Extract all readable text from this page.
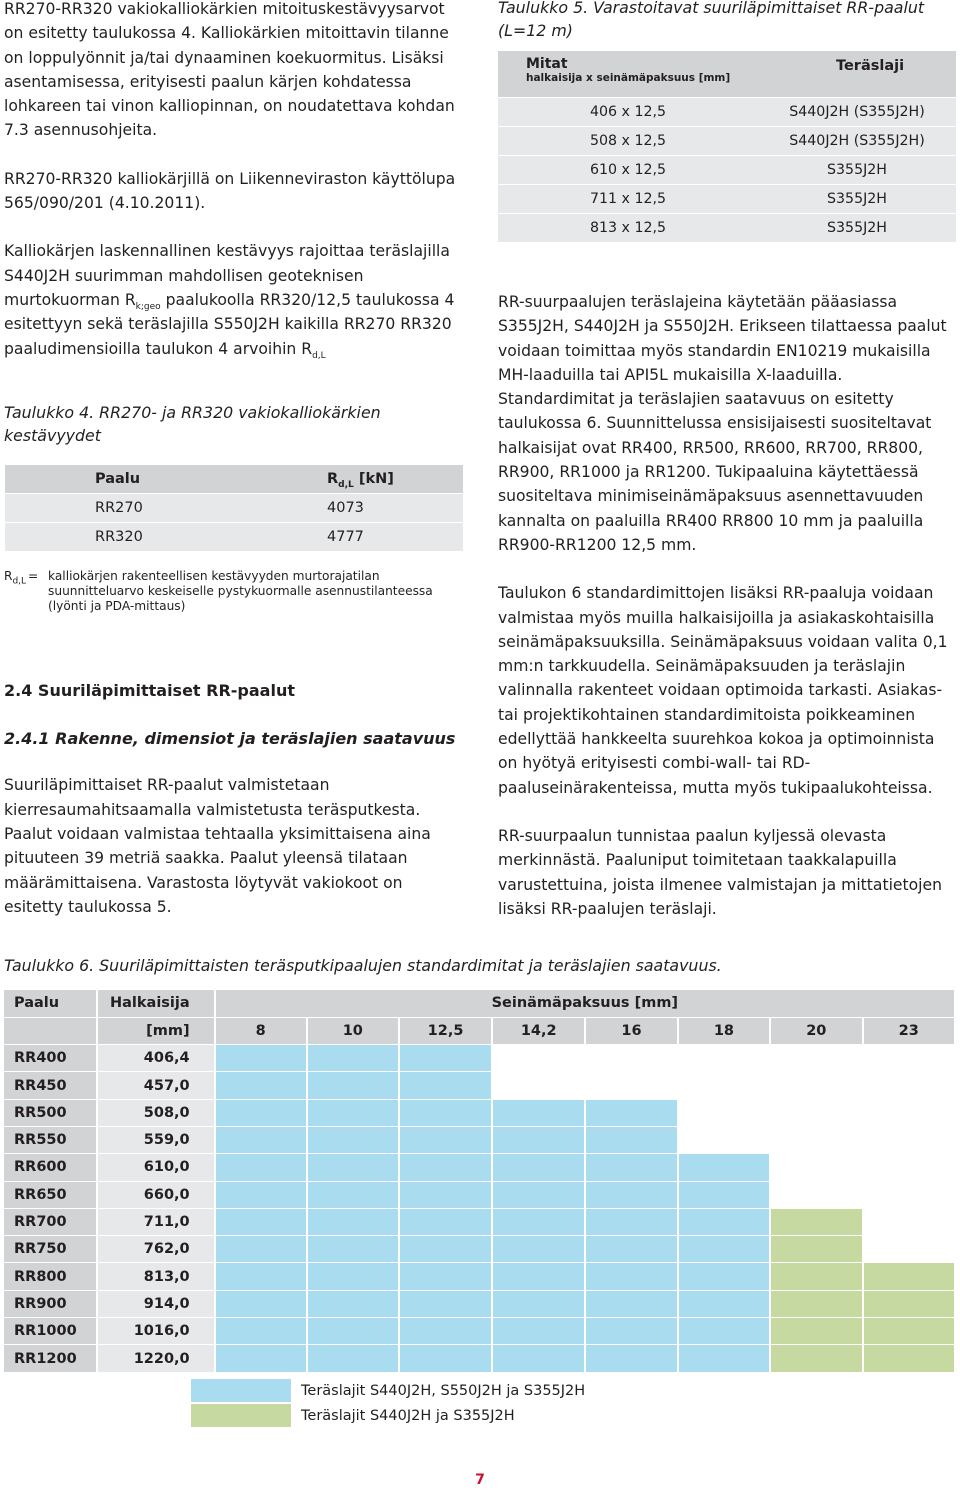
RR270-RR320 vakiokalliokärkien mitoituskestävyysarvot on esitetty taulukossa 4. Kalliokärkien mitoittavin tilanne on loppulyönnit ja/tai dynaaminen koekuormitus. Lisäksi asentamisessa, erityisesti paalun kärjen kohdatessa lohkareen tai vinon kalliopinnan, on noudatettava kohdan 7.3 asennusohjeita.

RR270-RR320 kalliokärjillä on Liikenneviraston käyttölupa 565/090/201 (4.10.2011).

Kalliokärjen laskennallinen kestävyys rajoittaa teräslajilla S440J2H suurimman mahdollisen geoteknisen murtokuorman $R_{k;geo}$ paalukoolla RR320/12,5 taulukossa 4 esitettyyn sekä teräslajilla S550J2H kaikilla RR270 RR320 paaludimensioilla taulukon 4 arvoihin $R_{d,L}$

Taulukko 4. RR270- ja RR320 vakiokalliokärkien kestävyydet

Paalu	$R_{d,L}$ [kN]
RR270	4073
RR320	4777
$R_{d,L}$ = kalliokärjen rakenteellisen kestävyyden murtorajatilan suunnitteluarvo keskeiselle pystykuormalle asennustilanteessa (lyönti ja PDA-mittaus)
2.4 Suuriläpimittaiset RR-paalut
2.4.1 Rakenne, dimensiot ja teräslajien saatavuus

Suuriläpimittaiset RR-paalut valmistetaan kierresaumahitsaamalla valmistetusta teräsputkesta. Paalut voidaan valmistaa tehtaalla yksimittaisena aina pituuteen 39 metriä saakka. Paalut yleensä tilataan määrämittaisena. Varastosta löytyvät vakiokoot on esitetty taulukossa 5.

Taulukko 5. Varastoitavat suuriläpimittaiset RR-paalut (L=12 m)

Mitat
halkaisija x seinämäpaksuus [mm]	Teräslaji
406 x 12,5	S440J2H (S355J2H)
508 x 12,5	S440J2H (S355J2H)
610 x 12,5	S355J2H
711 x 12,5	S355J2H
813 x 12,5	S355J2H

RR-suurpaalujen teräslajeina käytetään pääasiassa S355J2H, S440J2H ja S550J2H. Erikseen tilattaessa paalut voidaan toimittaa myös standardin EN10219 mukaisilla MH-laaduilla tai API5L mukaisilla X-laaduilla. Standardimitat ja teräslajien saatavuus on esitetty taulukossa 6. Suunnittelussa ensisijaisesti suositeltavat halkaisijat ovat RR400, RR500, RR600, RR700, RR800, RR900, RR1000 ja RR1200. Tukipaaluina käytettäessä suositeltava minimiseinämäpaksuus asennettavuuden kannalta on paaluilla RR400 RR800 10 mm ja paaluilla RR900-RR1200 12,5 mm.

Taulukon 6 standardimittojen lisäksi RR-paaluja voidaan valmistaa myös muilla halkaisijoilla ja asiakaskohtaisilla seinämäpaksuuksilla. Seinämäpaksuus voidaan valita 0,1 mm:n tarkkuudella. Seinämäpaksuuden ja teräslajin valinnalla rakenteet voidaan optimoida tarkasti. Asiakas- tai projektikohtainen standardimitoista poikkeaminen edellyttää hankkeelta suurehkoa kokoa ja optimoinnista on hyötyä erityisesti combi-wall- tai RD-paaluseinärakenteissa, mutta myös tukipaalukohteissa.

RR-suurpaalun tunnistaa paalun kyljessä olevasta merkinnästä. Paaluniput toimitetaan taakkalapuilla varustettuina, joista ilmenee valmistajan ja mittatietojen lisäksi RR-paalujen teräslaji.

Taulukko 6. Suuriläpimittaisten teräsputkipaalujen standardimitat ja teräslajien saatavuus.

Paalu	Halkaisija	Seinämäpaksuus [mm]							
	[mm]	8	10	12,5	14,2	16	18	20	23
RR400	406,4								
RR450	457,0								
RR500	508,0								
RR550	559,0								
RR600	610,0								
RR650	660,0								
RR700	711,0								
RR750	762,0								
RR800	813,0								
RR900	914,0								
RR1000	1016,0								
RR1200	1220,0								
Teräslajit S440J2H, S550J2H ja S355J2H
Teräslajit S440J2H ja S355J2H
7
